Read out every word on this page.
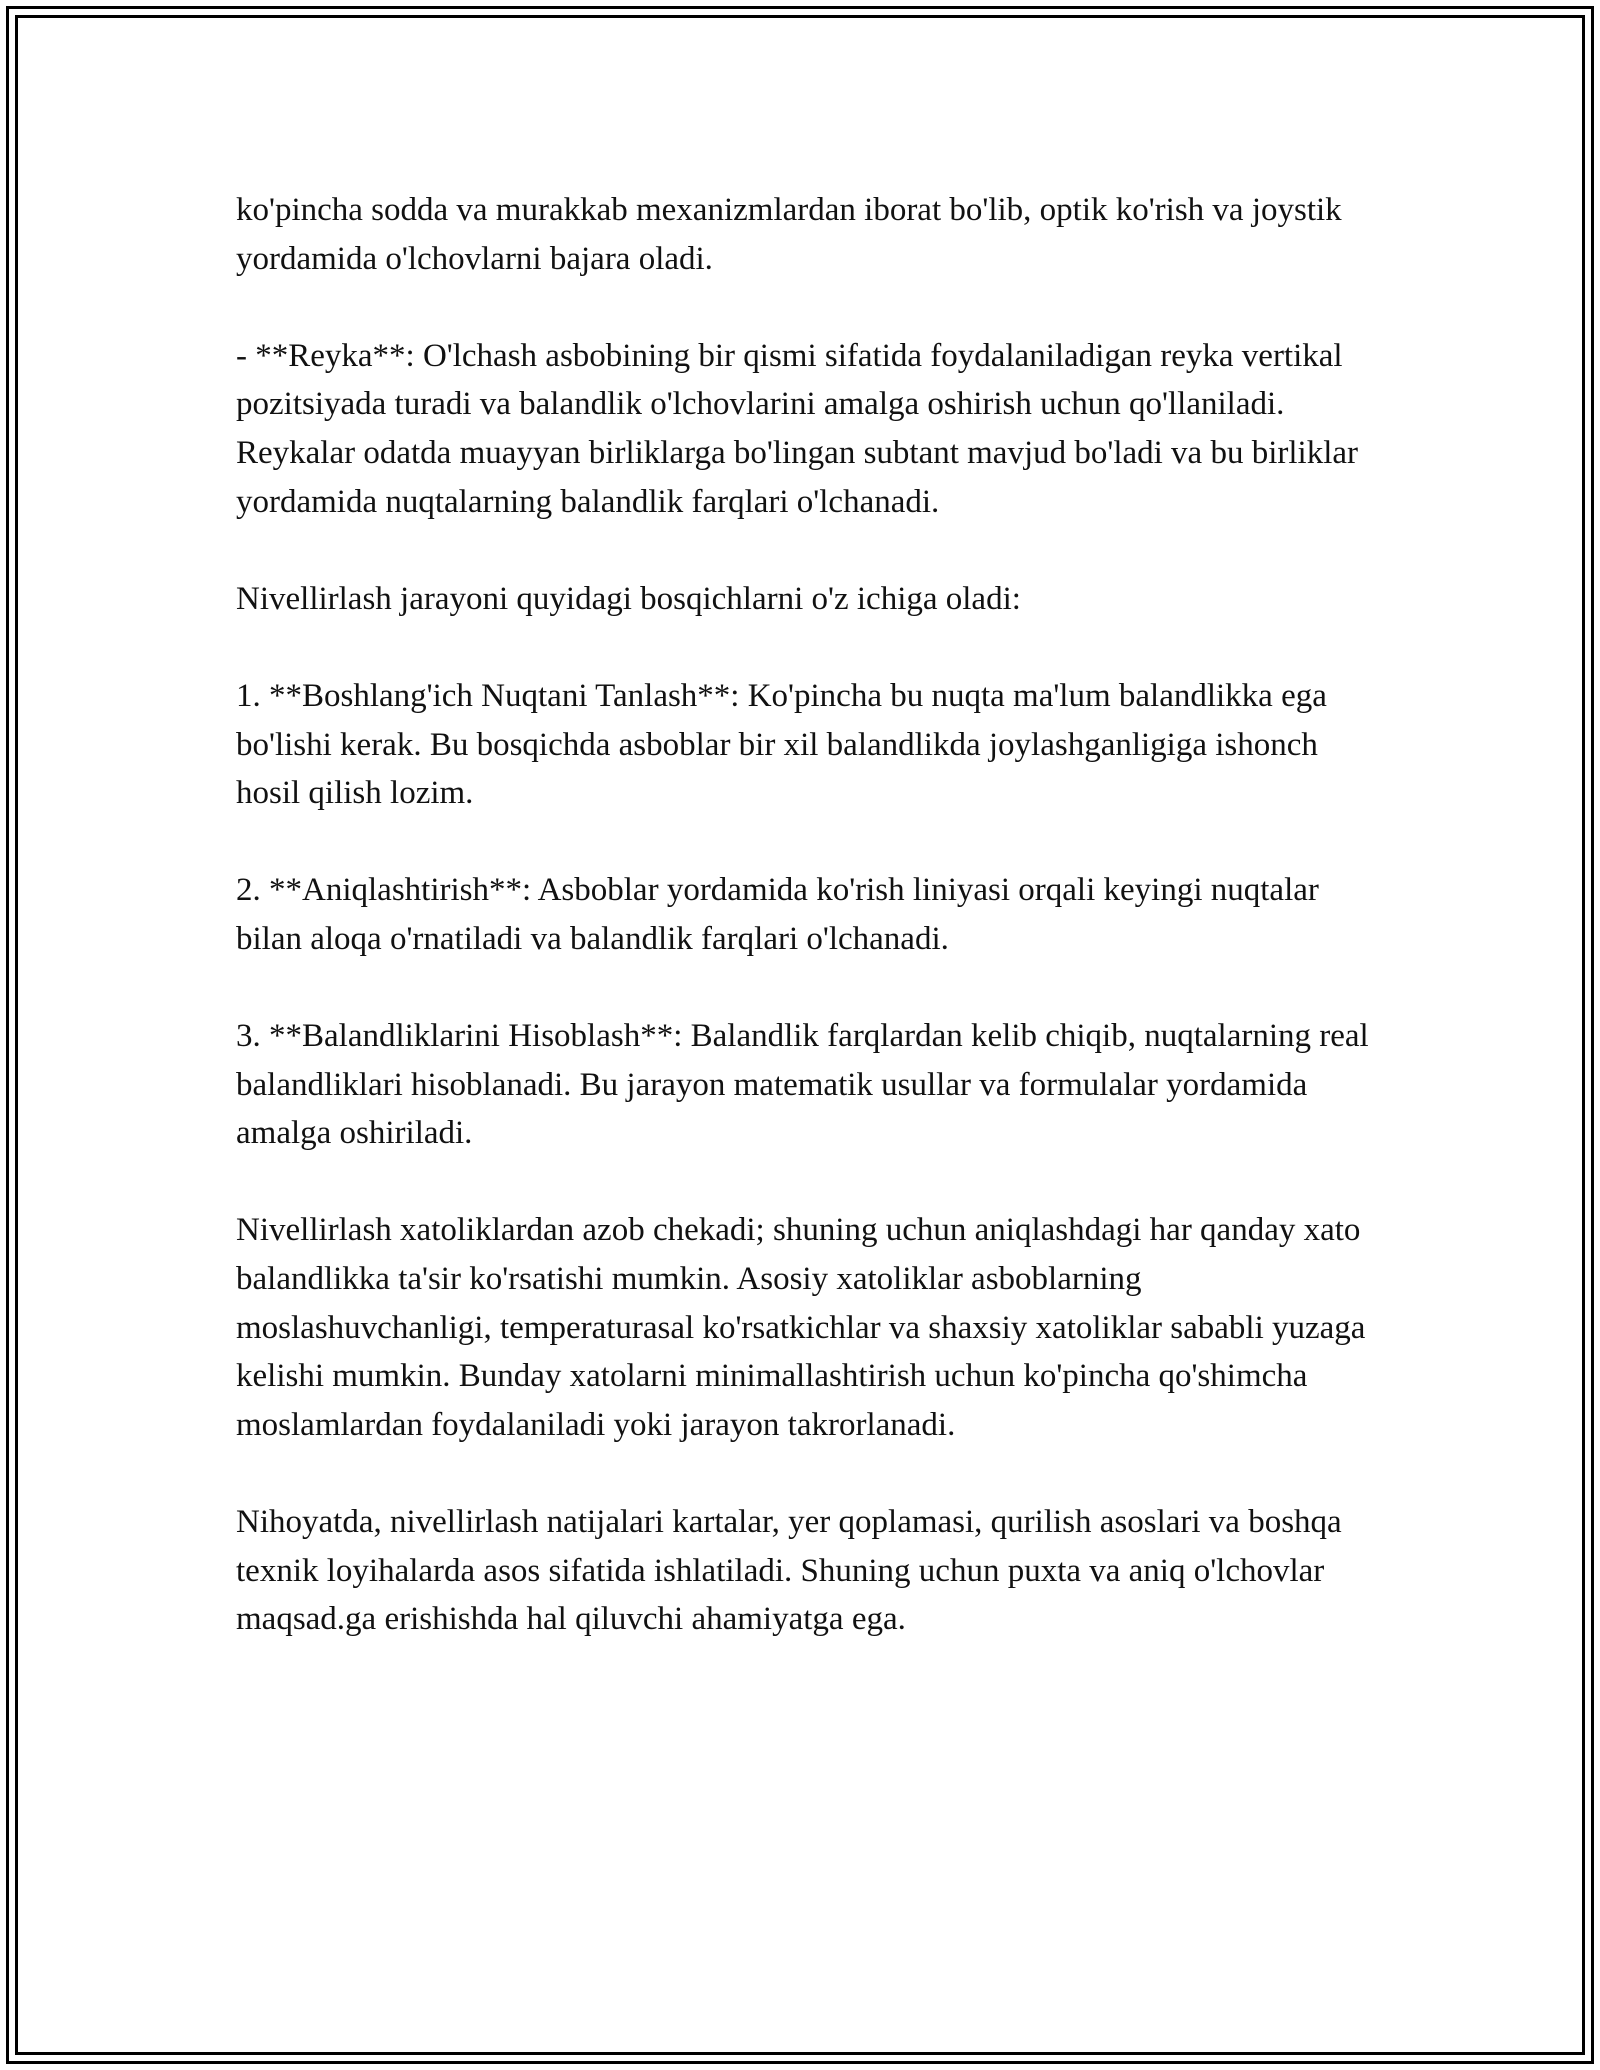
ko'pincha sodda va murakkab mexanizmlardan iborat bo'lib, optik ko'rish va joystik yordamida o'lchovlarni bajara oladi.

- **Reyka**: O'lchash asbobining bir qismi sifatida foydalaniladigan reyka vertikal pozitsiyada turadi va balandlik o'lchovlarini amalga oshirish uchun qo'llaniladi. Reykalar odatda muayyan birliklarga bo'lingan subtant mavjud bo'ladi va bu birliklar yordamida nuqtalarning balandlik farqlari o'lchanadi.

Nivellirlash jarayoni quyidagi bosqichlarni o'z ichiga oladi:

1. **Boshlang'ich Nuqtani Tanlash**: Ko'pincha bu nuqta ma'lum balandlikka ega bo'lishi kerak. Bu bosqichda asboblar bir xil balandlikda joylashganligiga ishonch hosil qilish lozim.

2. **Aniqlashtirish**: Asboblar yordamida ko'rish liniyasi orqali keyingi nuqtalar bilan aloqa o'rnatiladi va balandlik farqlari o'lchanadi.

3. **Balandliklarini Hisoblash**: Balandlik farqlardan kelib chiqib, nuqtalarning real balandliklari hisoblanadi. Bu jarayon matematik usullar va formulalar yordamida amalga oshiriladi.

Nivellirlash xatoliklardan azob chekadi; shuning uchun aniqlashdagi har qanday xato balandlikka ta'sir ko'rsatishi mumkin. Asosiy xatoliklar asboblarning moslashuvchanligi, temperaturasal ko'rsatkichlar va shaxsiy xatoliklar sababli yuzaga kelishi mumkin. Bunday xatolarni minimallashtirish uchun ko'pincha qo'shimcha moslamlardan foydalaniladi yoki jarayon takrorlanadi.

Nihoyatda, nivellirlash natijalari kartalar, yer qoplamasi, qurilish asoslari va boshqa texnik loyihalarda asos sifatida ishlatiladi. Shuning uchun puxta va aniq o'lchovlar maqsad.ga erishishda hal qiluvchi ahamiyatga ega.
